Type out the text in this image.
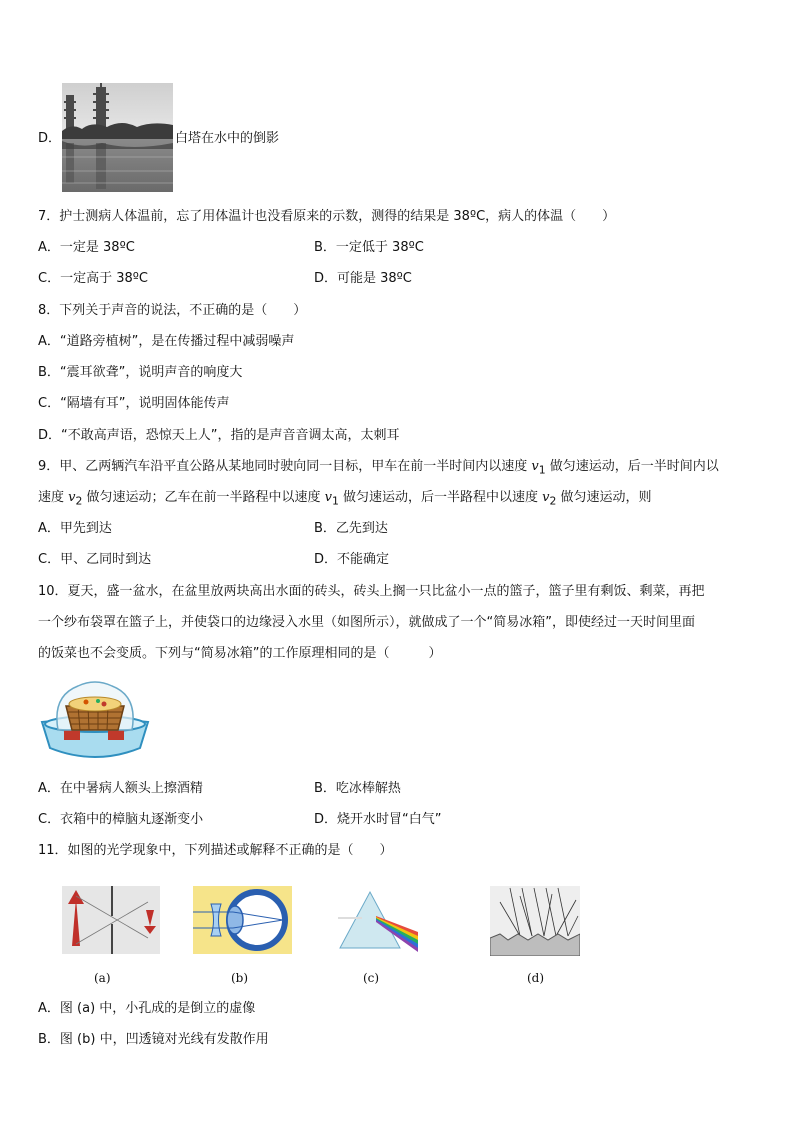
D．	白塔在水中的倒影
7．护士测病人体温前，忘了用体温计也没看原来的示数，测得的结果是 38ºC，病人的体温（　　）
A．一定是 38ºC	B．一定低于 38ºC
C．一定高于 38ºC	D．可能是 38ºC
8．下列关于声音的说法，不正确的是（　　）
A．“道路旁植树”，是在传播过程中减弱噪声
B．“震耳欲聋”，说明声音的响度大
C．“隔墙有耳”，说明固体能传声
D．“不敢高声语，恐惊天上人”，指的是声音音调太高，太刺耳
9．甲、乙两辆汽车沿平直公路从某地同时驶向同一目标，甲车在前一半时间内以速度 $v_1$ 做匀速运动，后一半时间内以
速度 $v_2$ 做匀速运动；乙车在前一半路程中以速度 $v_1$ 做匀速运动，后一半路程中以速度 $v_2$ 做匀速运动，则
A．甲先到达	B．乙先到达
C．甲、乙同时到达	D．不能确定
10．夏天，盛一盆水，在盆里放两块高出水面的砖头，砖头上搁一只比盆小一点的篮子，篮子里有剩饭、剩菜，再把
一个纱布袋罩在篮子上，并使袋口的边缘浸入水里（如图所示），就做成了一个“简易冰箱”，即使经过一天时间里面
的饭菜也不会变质。下列与“简易冰箱”的工作原理相同的是（　　　）
A．在中暑病人额头上擦酒精	B．吃冰棒解热
C．衣箱中的樟脑丸逐渐变小	D．烧开水时冒“白气”
11．如图的光学现象中，下列描述或解释不正确的是（　　）
(a)	(b)	(c)	(d)
A．图 (a) 中，小孔成的是倒立的虚像
B．图 (b) 中，凹透镜对光线有发散作用
